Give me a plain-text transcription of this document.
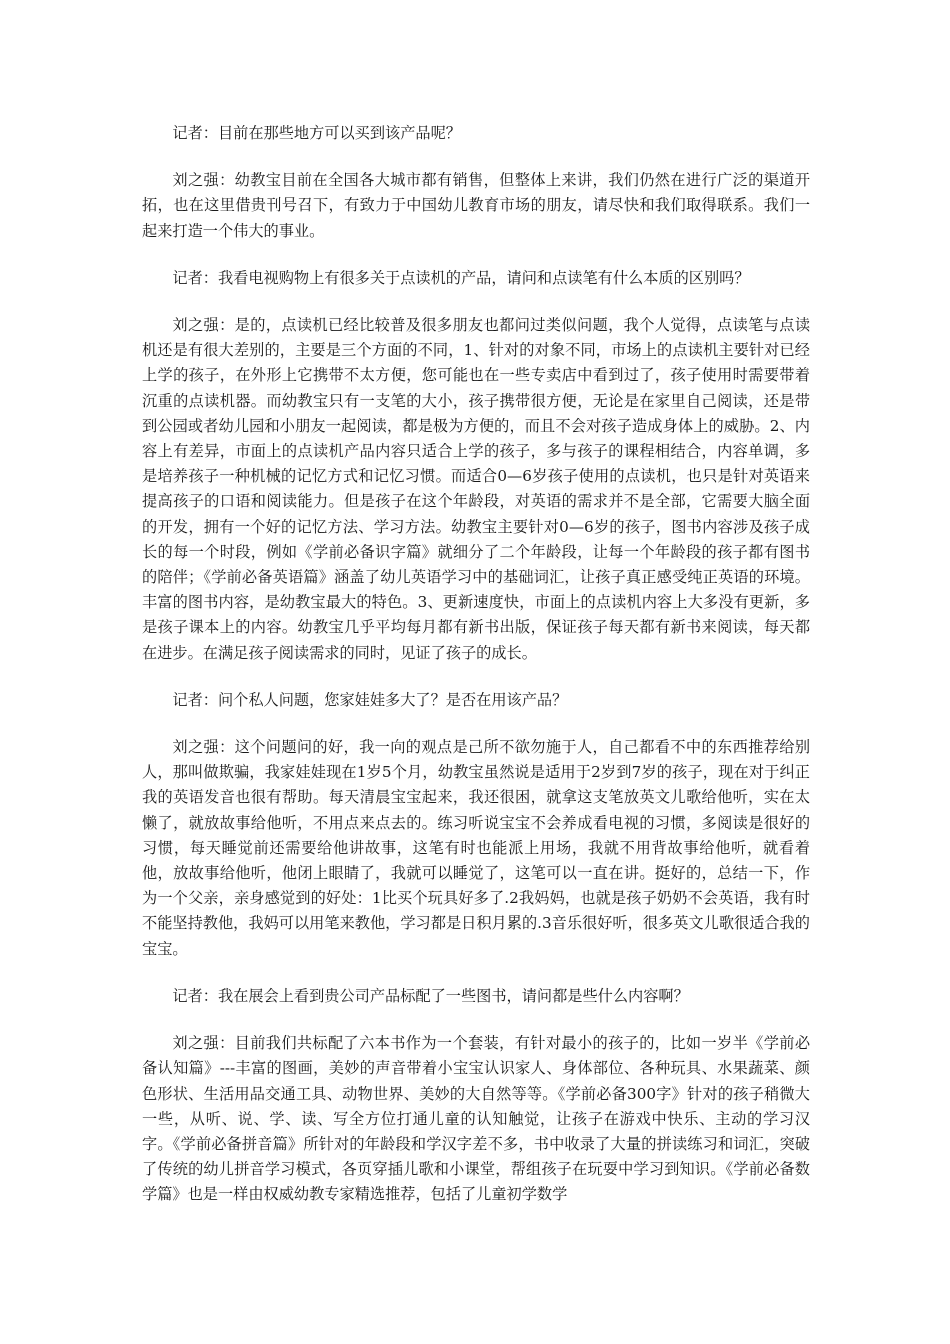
记者：目前在那些地方可以买到该产品呢？

刘之强：幼教宝目前在全国各大城市都有销售，但整体上来讲，我们仍然在进行广泛的渠道开拓，也在这里借贵刊号召下，有致力于中国幼儿教育市场的朋友，请尽快和我们取得联系。我们一起来打造一个伟大的事业。

记者：我看电视购物上有很多关于点读机的产品，请问和点读笔有什么本质的区别吗？

刘之强：是的，点读机已经比较普及很多朋友也都问过类似问题，我个人觉得，点读笔与点读机还是有很大差别的，主要是三个方面的不同，1、针对的对象不同，市场上的点读机主要针对已经上学的孩子，在外形上它携带不太方便，您可能也在一些专卖店中看到过了，孩子使用时需要带着沉重的点读机器。而幼教宝只有一支笔的大小，孩子携带很方便，无论是在家里自己阅读，还是带到公园或者幼儿园和小朋友一起阅读，都是极为方便的，而且不会对孩子造成身体上的威胁。2、内容上有差异，市面上的点读机产品内容只适合上学的孩子，多与孩子的课程相结合，内容单调，多是培养孩子一种机械的记忆方式和记忆习惯。而适合0—6岁孩子使用的点读机，也只是针对英语来提高孩子的口语和阅读能力。但是孩子在这个年龄段，对英语的需求并不是全部，它需要大脑全面的开发，拥有一个好的记忆方法、学习方法。幼教宝主要针对0—6岁的孩子，图书内容涉及孩子成长的每一个时段，例如《学前必备识字篇》就细分了二个年龄段，让每一个年龄段的孩子都有图书的陪伴；《学前必备英语篇》涵盖了幼儿英语学习中的基础词汇，让孩子真正感受纯正英语的环境。丰富的图书内容，是幼教宝最大的特色。3、更新速度快，市面上的点读机内容上大多没有更新，多是孩子课本上的内容。幼教宝几乎平均每月都有新书出版，保证孩子每天都有新书来阅读，每天都在进步。在满足孩子阅读需求的同时，见证了孩子的成长。

记者：问个私人问题，您家娃娃多大了？是否在用该产品？

刘之强：这个问题问的好，我一向的观点是己所不欲勿施于人，自己都看不中的东西推荐给别人，那叫做欺骗，我家娃娃现在1岁5个月，幼教宝虽然说是适用于2岁到7岁的孩子，现在对于纠正我的英语发音也很有帮助。每天清晨宝宝起来，我还很困，就拿这支笔放英文儿歌给他听，实在太懒了，就放故事给他听，不用点来点去的。练习听说宝宝不会养成看电视的习惯，多阅读是很好的习惯，每天睡觉前还需要给他讲故事，这笔有时也能派上用场，我就不用背故事给他听，就看着他，放故事给他听，他闭上眼睛了，我就可以睡觉了，这笔可以一直在讲。挺好的，总结一下，作为一个父亲，亲身感觉到的好处：1比买个玩具好多了.2我妈妈，也就是孩子奶奶不会英语，我有时不能坚持教他，我妈可以用笔来教他，学习都是日积月累的.3音乐很好听，很多英文儿歌很适合我的宝宝。

记者：我在展会上看到贵公司产品标配了一些图书，请问都是些什么内容啊？

刘之强：目前我们共标配了六本书作为一个套装，有针对最小的孩子的，比如一岁半《学前必备认知篇》---丰富的图画，美妙的声音带着小宝宝认识家人、身体部位、各种玩具、水果蔬菜、颜色形状、生活用品交通工具、动物世界、美妙的大自然等等。《学前必备300字》针对的孩子稍微大一些，从听、说、学、读、写全方位打通儿童的认知触觉，让孩子在游戏中快乐、主动的学习汉字。《学前必备拼音篇》所针对的年龄段和学汉字差不多，书中收录了大量的拼读练习和词汇，突破了传统的幼儿拼音学习模式，各页穿插儿歌和小课堂，帮组孩子在玩耍中学习到知识。《学前必备数学篇》也是一样由权威幼教专家精选推荐，包括了儿童初学数学
